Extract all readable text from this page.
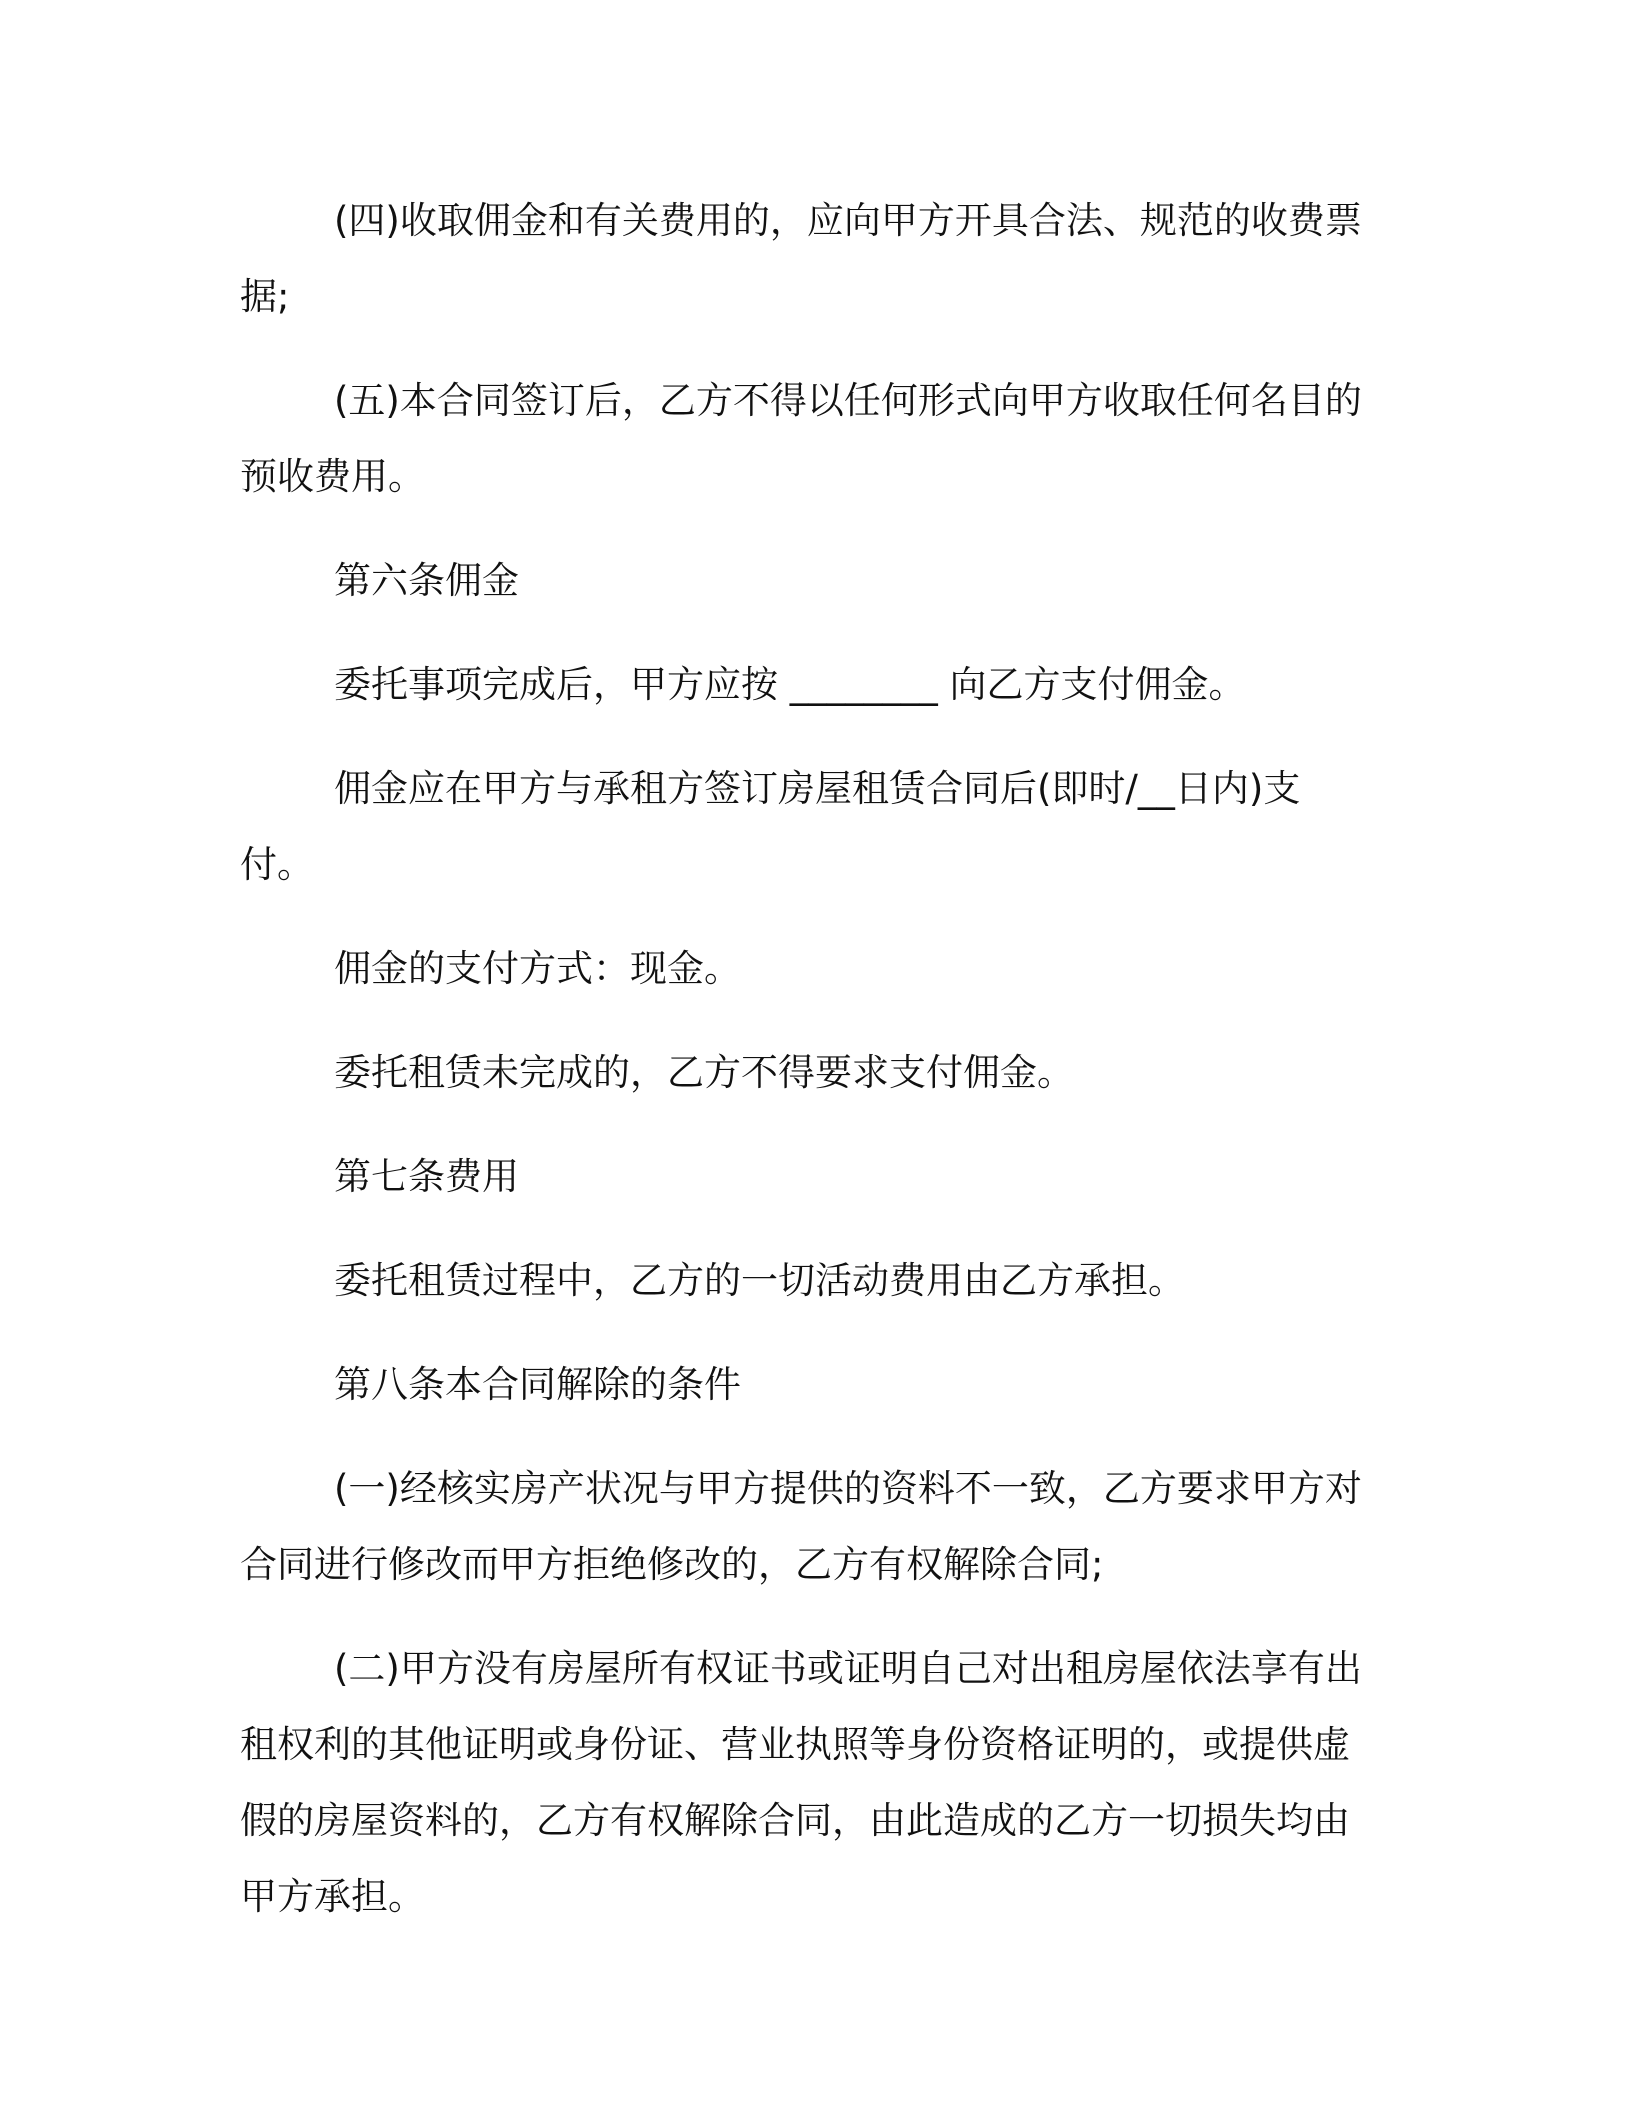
(四)收取佣金和有关费用的，应向甲方开具合法、规范的收费票据;

(五)本合同签订后，乙方不得以任何形式向甲方收取任何名目的预收费用。

第六条佣金

委托事项完成后，甲方应按 ________ 向乙方支付佣金。

佣金应在甲方与承租方签订房屋租赁合同后(即时/__日内)支付。

佣金的支付方式：现金。

委托租赁未完成的，乙方不得要求支付佣金。

第七条费用

委托租赁过程中，乙方的一切活动费用由乙方承担。

第八条本合同解除的条件

(一)经核实房产状况与甲方提供的资料不一致，乙方要求甲方对合同进行修改而甲方拒绝修改的，乙方有权解除合同;

(二)甲方没有房屋所有权证书或证明自己对出租房屋依法享有出租权利的其他证明或身份证、营业执照等身份资格证明的，或提供虚假的房屋资料的，乙方有权解除合同，由此造成的乙方一切损失均由甲方承担。
